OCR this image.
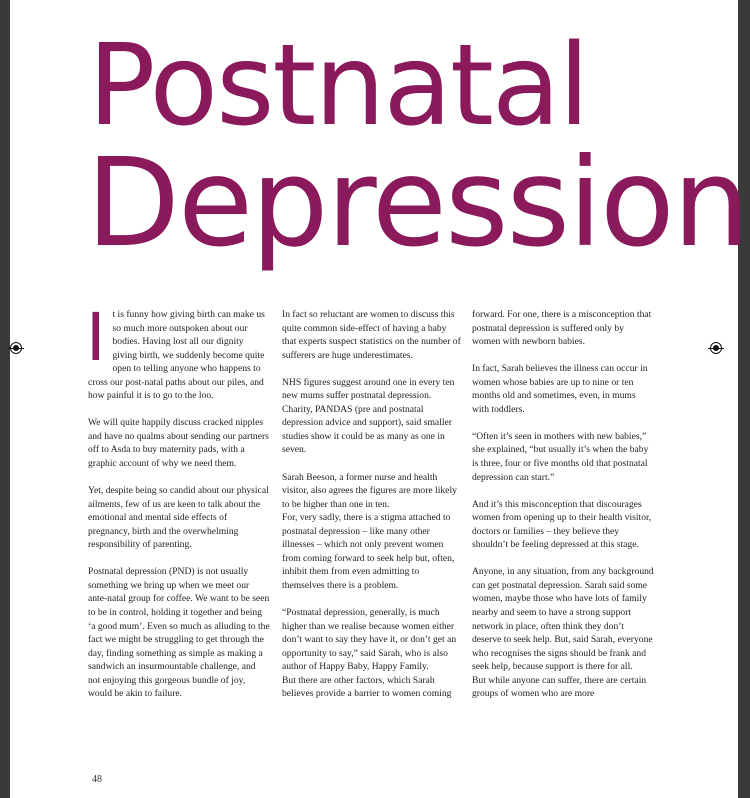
Postnatal
Depression

It is funny how giving birth can make us so much more outspoken about our bodies. Having lost all our dignity giving birth, we suddenly become quite open to telling anyone who happens to cross our post-natal paths about our piles, and how painful it is to go to the loo.

We will quite happily discuss cracked nipples and have no qualms about sending our partners off to Asda to buy maternity pads, with a graphic account of why we need them.

Yet, despite being so candid about our physical ailments, few of us are keen to talk about the emotional and mental side effects of pregnancy, birth and the overwhelming responsibility of parenting.

Postnatal depression (PND) is not usually something we bring up when we meet our ante-natal group for coffee. We want to be seen to be in control, holding it together and being ‘a good mum’. Even so much as alluding to the fact we might be struggling to get through the day, finding something as simple as making a sandwich an insurmountable challenge, and not enjoying this gorgeous bundle of joy, would be akin to failure.

In fact so reluctant are women to discuss this quite common side-effect of having a baby that experts suspect statistics on the number of sufferers are huge underestimates.

NHS figures suggest around one in every ten new mums suffer postnatal depression. Charity, PANDAS (pre and postnatal depression advice and support), said smaller studies show it could be as many as one in seven.

Sarah Beeson, a former nurse and health visitor, also agrees the figures are more likely to be higher than one in ten.

For, very sadly, there is a stigma attached to postnatal depression – like many other illnesses – which not only prevent women from coming forward to seek help but, often, inhibit them from even admitting to themselves there is a problem.

“Postnatal depression, generally, is much higher than we realise because women either don’t want to say they have it, or don’t get an opportunity to say,” said Sarah, who is also author of Happy Baby, Happy Family.

But there are other factors, which Sarah believes provide a barrier to women coming

forward. For one, there is a misconception that postnatal depression is suffered only by women with newborn babies.

In fact, Sarah believes the illness can occur in women whose babies are up to nine or ten months old and sometimes, even, in mums with toddlers.

“Often it’s seen in mothers with new babies,” she explained, “but usually it’s when the baby is three, four or five months old that postnatal depression can start.”

And it’s this misconception that discourages women from opening up to their health visitor, doctors or families – they believe they shouldn’t be feeling depressed at this stage.

Anyone, in any situation, from any background can get postnatal depression. Sarah said some women, maybe those who have lots of family nearby and seem to have a strong support network in place, often think they don’t deserve to seek help. But, said Sarah, everyone who recognises the signs should be frank and seek help, because support is there for all.

But while anyone can suffer, there are certain groups of women who are more

48
